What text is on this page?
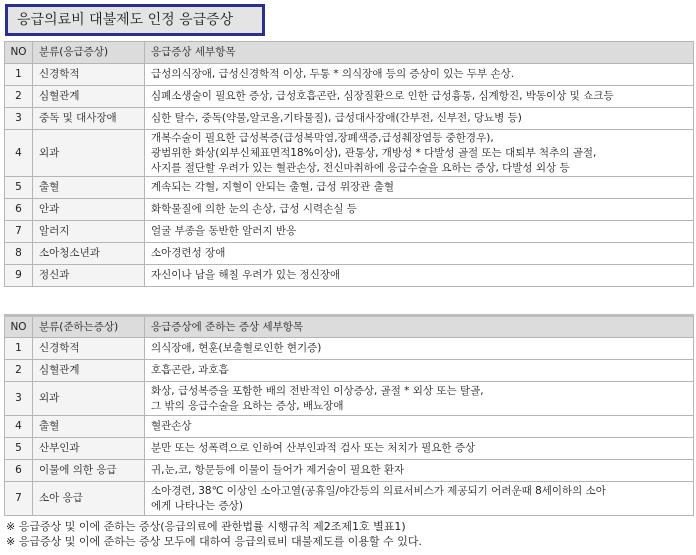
응급의료비 대불제도 인정 응급증상
NO	분류(응급증상)	응급증상 세부항목
1	신경학적	급성의식장애, 급성신경학적 이상, 두통 * 의식장애 등의 증상이 있는 두부 손상.

2	심혈관계	심폐소생술이 필요한 증상, 급성호흡곤란, 심장질환으로 인한 급성흉통, 심계항진, 박동이상 및 쇼크등

3	중독 및 대사장애	심한 탈수, 중독(약물,알코올,기타물질), 급성대사장애(간부전, 신부전, 당뇨병 등)

4	외과	개복수술이 필요한 급성복증(급성복막염,장폐색증,급성췌장염등 중한경우),
광범위한 화상(외부신체표면적18%이상), 관통상, 개방성 * 다발성 골절 또는 대퇴부 척추의 골절,
사지를 절단할 우려가 있는 혈관손상, 전신마취하에 응급수술을 요하는 증상, 다발성 외상 등

5	출혈	계속되는 각혈, 지혈이 안되는 출혈, 급성 위장관 출혈

6	안과	화학물질에 의한 눈의 손상, 급성 시력손실 등

7	알러지	얼굴 부종을 동반한 알러지 반응

8	소아청소년과	소아경련성 장애

9	정신과	자신이나 남을 해칠 우려가 있는 정신장애
NO	분류(준하는증상)	응급증상에 준하는 증상 세부항목
1	신경학적	의식장애, 현훈(보출혈로인한 현기증)

2	심혈관계	호흡곤란, 과호흡

3	외과	화상, 급성복증을 포함한 배의 전반적인 이상증상, 골절 * 외상 또는 탈골,
그 밖의 응급수술을 요하는 증상, 배뇨장애

4	출혈	혈관손상

5	산부인과	분만 또는 성폭력으로 인하여 산부인과적 검사 또는 처치가 필요한 증상

6	이물에 의한 응급	귀,눈,코, 항문등에 이물이 들어가 제거술이 필요한 환자

7	소아 응급	소아경련, 38℃ 이상인 소아고열(공휴일/야간등의 의료서비스가 제공되기 어려운때 8세이하의 소아
에게 나타나는 증상)
※ 응급증상 및 이에 준하는 증상(응급의료에 관한법률 시행규칙 제2조제1호 별표1)
※ 응급증상 및 이에 준하는 증상 모두에 대하여 응급의료비 대불제도를 이용할 수 있다.
